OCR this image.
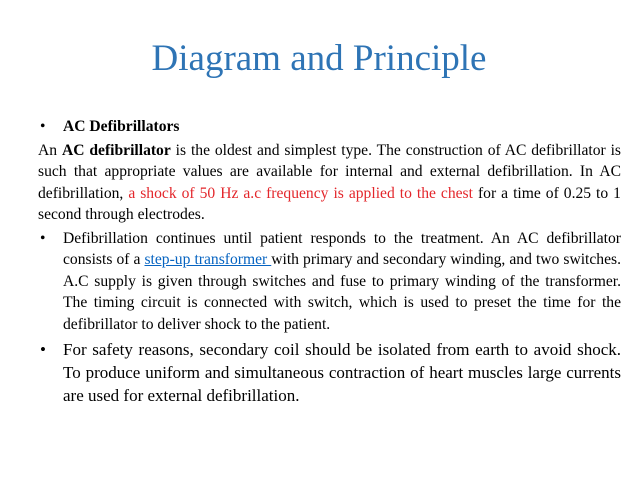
Diagram and Principle
•	AC Defibrillators
An AC defibrillator is the oldest and simplest type. The construction of AC defibrillator is such that appropriate values are available for internal and external defibrillation. In AC defibrillation, a shock of 50 Hz a.c frequency is applied to the chest for a time of 0.25 to 1 second through electrodes.
•	Defibrillation continues until patient responds to the treatment. An AC defibrillator consists of a step-up transformer with primary and secondary winding, and two switches. A.C supply is given through switches and fuse to primary winding of the transformer. The timing circuit is connected with switch, which is used to preset the time for the defibrillator to deliver shock to the patient.
•	For safety reasons, secondary coil should be isolated from earth to avoid shock. To produce uniform and simultaneous contraction of heart muscles large currents are used for external defibrillation.
